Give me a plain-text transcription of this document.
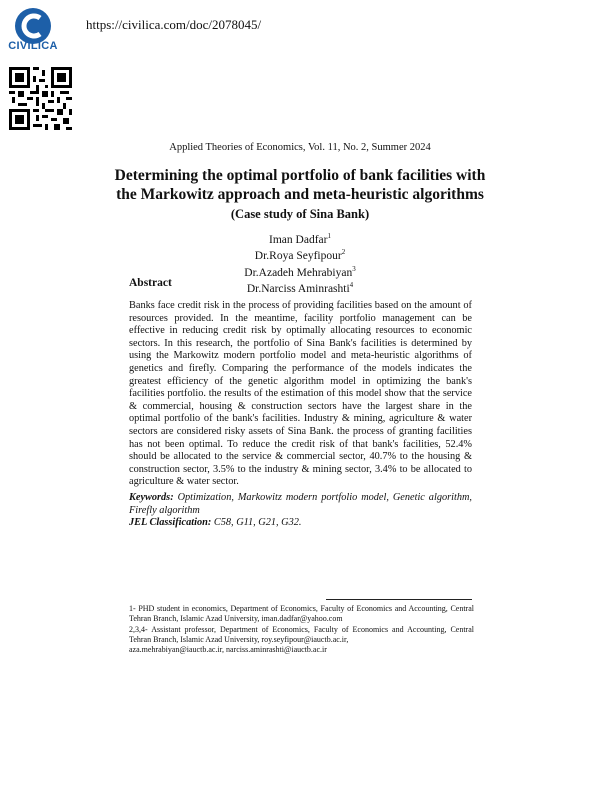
CIVILICA
https://civilica.com/doc/2078045/
Applied Theories of Economics, Vol. 11, No. 2, Summer 2024
Determining the optimal portfolio of bank facilities with the Markowitz approach and meta-heuristic algorithms (Case study of Sina Bank)
Iman Dadfar$^1$
Dr.Roya Seyfipour$^2$
Dr.Azadeh Mehrabiyan$^3$
Dr.Narciss Aminrashti$^4$
Abstract

Banks face credit risk in the process of providing facilities based on the amount of resources provided. In the meantime, facility portfolio management can be effective in reducing credit risk by optimally allocating resources to economic sectors. In this research, the portfolio of Sina Bank's facilities is determined by using the Markowitz modern portfolio model and meta-heuristic algorithms of genetics and firefly. Comparing the performance of the models indicates the greatest efficiency of the genetic algorithm model in optimizing the bank's facilities portfolio. the results of the estimation of this model show that the service & commercial, housing & construction sectors have the largest share in the optimal portfolio of the bank's facilities. Industry & mining, agriculture & water sectors are considered risky assets of Sina Bank. the process of granting facilities has not been optimal. To reduce the credit risk of that bank's facilities, 52.4% should be allocated to the service & commercial sector, 40.7% to the housing & construction sector, 3.5% to the industry & mining sector, 3.4% to be allocated to agriculture & water sector.

Keywords: Optimization, Markowitz modern portfolio model, Genetic algorithm, Firefly algorithm

JEL Classification: C58, G11, G21, G32.

1- PHD student in economics, Department of Economics, Faculty of Economics and Accounting, Central Tehran Branch, Islamic Azad University, iman.dadfar@yahoo.com

2,3,4- Assistant professor, Department of Economics, Faculty of Economics and Accounting, Central Tehran Branch, Islamic Azad University, roy.seyfipour@iauctb.ac.ir,

aza.mehrabiyan@iauctb.ac.ir, narciss.aminrashti@iauctb.ac.ir
